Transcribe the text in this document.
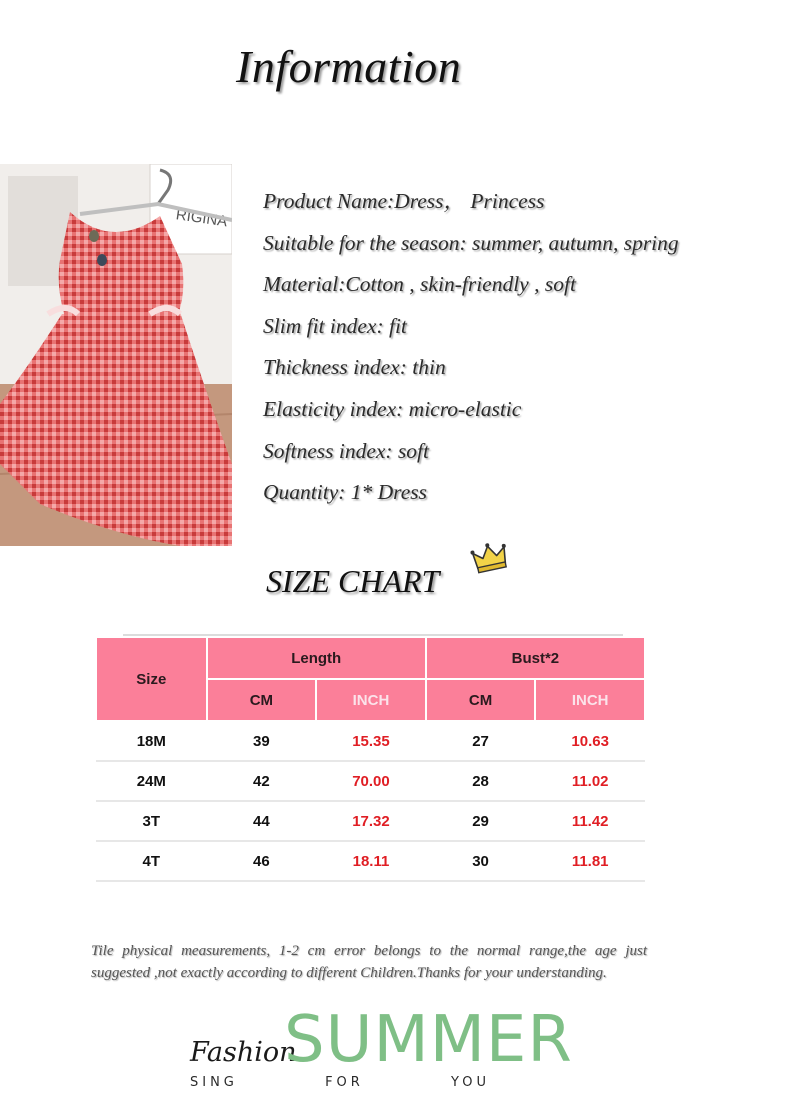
Information
RIGINA
Product Name:Dress， Princess
Suitable for the season: summer, autumn, spring
Material:Cotton , skin-friendly , soft
Slim fit index: fit
Thickness index: thin
Elasticity index: micro-elastic
Softness index: soft
Quantity: 1* Dress
SIZE CHART
Size	Length		Bust*2	
	CM	INCH	CM	INCH
18M	39	15.35	27	10.63
24M	42	70.00	28	11.02
3T	44	17.32	29	11.42
4T	46	18.11	30	11.81
Tile physical measurements, 1-2 cm error belongs to the normal range,the age just suggested ,not exactly according to different Children.Thanks for your understanding.
Fashion
SUMMER
SING	FOR	YOU
